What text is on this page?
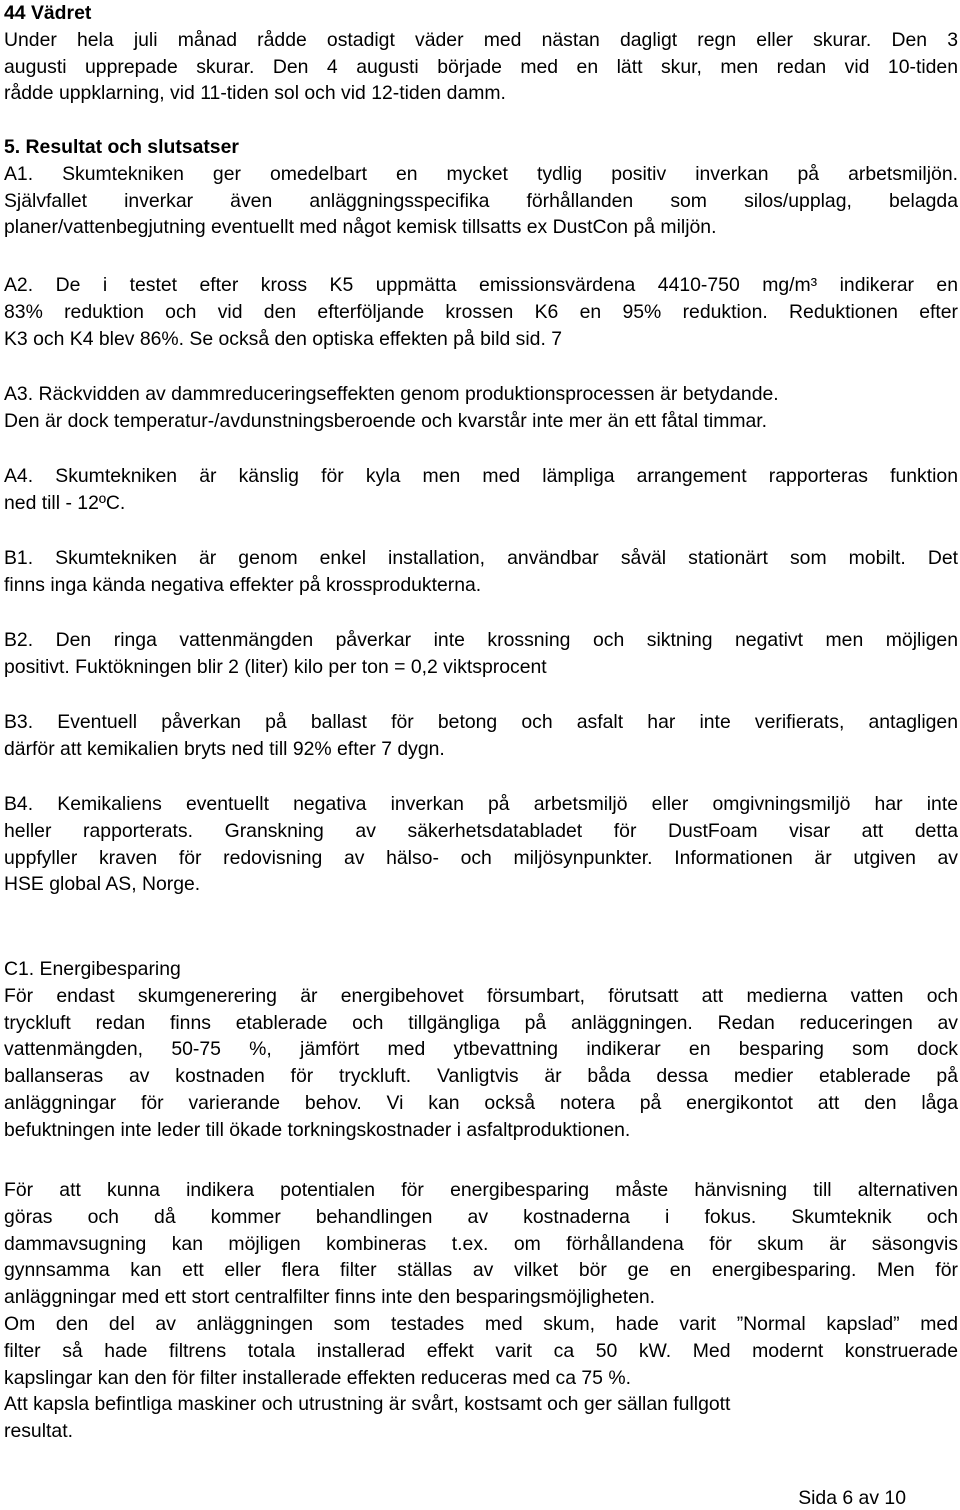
44 Vädret
Under hela juli månad rådde ostadigt väder med nästan dagligt regn eller skurar. Den 3
augusti upprepade skurar. Den 4 augusti började med en lätt skur, men redan vid 10-tiden
rådde uppklarning, vid 11-tiden sol och vid 12-tiden damm.
5. Resultat och slutsatser
A1. Skumtekniken ger omedelbart en mycket tydlig positiv inverkan på arbetsmiljön.
Självfallet inverkar även anläggningsspecifika förhållanden som silos/upplag, belagda
planer/vattenbegjutning eventuellt med något kemisk tillsatts ex DustCon på miljön.
A2. De i testet efter kross K5 uppmätta emissionsvärdena 4410-750 mg/m³ indikerar en
83% reduktion och vid den efterföljande krossen K6 en 95% reduktion. Reduktionen efter
K3 och K4 blev 86%. Se också den optiska effekten på bild sid. 7
A3. Räckvidden av dammreduceringseffekten genom produktionsprocessen är betydande.
Den är dock temperatur-/avdunstningsberoende och kvarstår inte mer än ett fåtal timmar.
A4. Skumtekniken är känslig för kyla men med lämpliga arrangement rapporteras funktion
ned till - 12ºC.
B1. Skumtekniken är genom enkel installation, användbar såväl stationärt som mobilt. Det
finns inga kända negativa effekter på krossprodukterna.
B2. Den ringa vattenmängden påverkar inte krossning och siktning negativt men möjligen
positivt. Fuktökningen blir 2 (liter) kilo per ton = 0,2 viktsprocent
B3. Eventuell påverkan på ballast för betong och asfalt har inte verifierats, antagligen
därför att kemikalien bryts ned till 92% efter 7 dygn.
B4. Kemikaliens eventuellt negativa inverkan på arbetsmiljö eller omgivningsmiljö har inte
heller rapporterats. Granskning av säkerhetsdatabladet för DustFoam visar att detta
uppfyller kraven för redovisning av hälso- och miljösynpunkter. Informationen är utgiven av
HSE global AS, Norge.
C1. Energibesparing
För endast skumgenerering är energibehovet försumbart, förutsatt att medierna vatten och
tryckluft redan finns etablerade och tillgängliga på anläggningen. Redan reduceringen av
vattenmängden, 50-75 %, jämfört med ytbevattning indikerar en besparing som dock
ballanseras av kostnaden för tryckluft. Vanligtvis är båda dessa medier etablerade på
anläggningar för varierande behov. Vi kan också notera på energikontot att den låga
befuktningen inte leder till ökade torkningskostnader i asfaltproduktionen.
För att kunna indikera potentialen för energibesparing måste hänvisning till alternativen
göras och då kommer behandlingen av kostnaderna i fokus. Skumteknik och
dammavsugning kan möjligen kombineras t.ex. om förhållandena för skum är säsongvis
gynnsamma kan ett eller flera filter ställas av vilket bör ge en energibesparing. Men för
anläggningar med ett stort centralfilter finns inte den besparingsmöjligheten.
Om den del av anläggningen som testades med skum, hade varit ”Normal kapslad” med
filter så hade filtrens totala installerad effekt varit ca 50 kW. Med modernt konstruerade
kapslingar kan den för filter installerade effekten reduceras med ca 75 %.
Att kapsla befintliga maskiner och utrustning är svårt, kostsamt och ger sällan fullgott
resultat.
Sida 6 av 10
